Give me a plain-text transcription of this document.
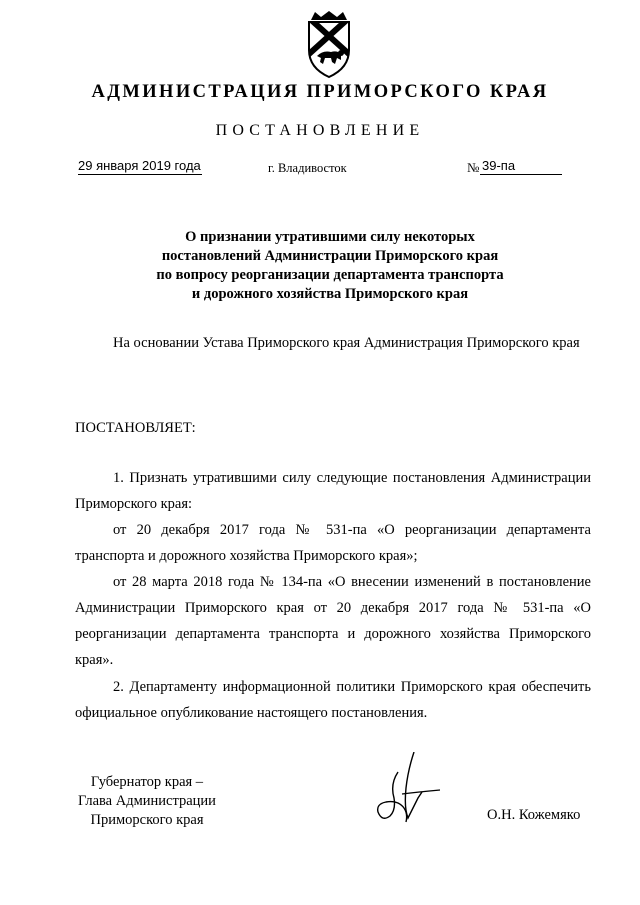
АДМИНИСТРАЦИЯ ПРИМОРСКОГО КРАЯ
ПОСТАНОВЛЕНИЕ
29 января 2019 года	г. Владивосток	№ 39-па
О признании утратившими силу некоторых
постановлений Администрации Приморского края
по вопросу реорганизации департамента транспорта
и дорожного хозяйства Приморского края
На основании Устава Приморского края Администрация Приморского края
ПОСТАНОВЛЯЕТ:
1. Признать утратившими силу следующие постановления Администрации Приморского края:
от 20 декабря 2017 года № 531-па «О реорганизации департамента транспорта и дорожного хозяйства Приморского края»;
от 28 марта 2018 года № 134-па «О внесении изменений в постановление Администрации Приморского края от 20 декабря 2017 года № 531-па «О реорганизации департамента транспорта и дорожного хозяйства Приморского края».
2. Департаменту информационной политики Приморского края обеспечить официальное опубликование настоящего постановления.
Губернатор края –
Глава Администрации
Приморского края	О.Н. Кожемяко
